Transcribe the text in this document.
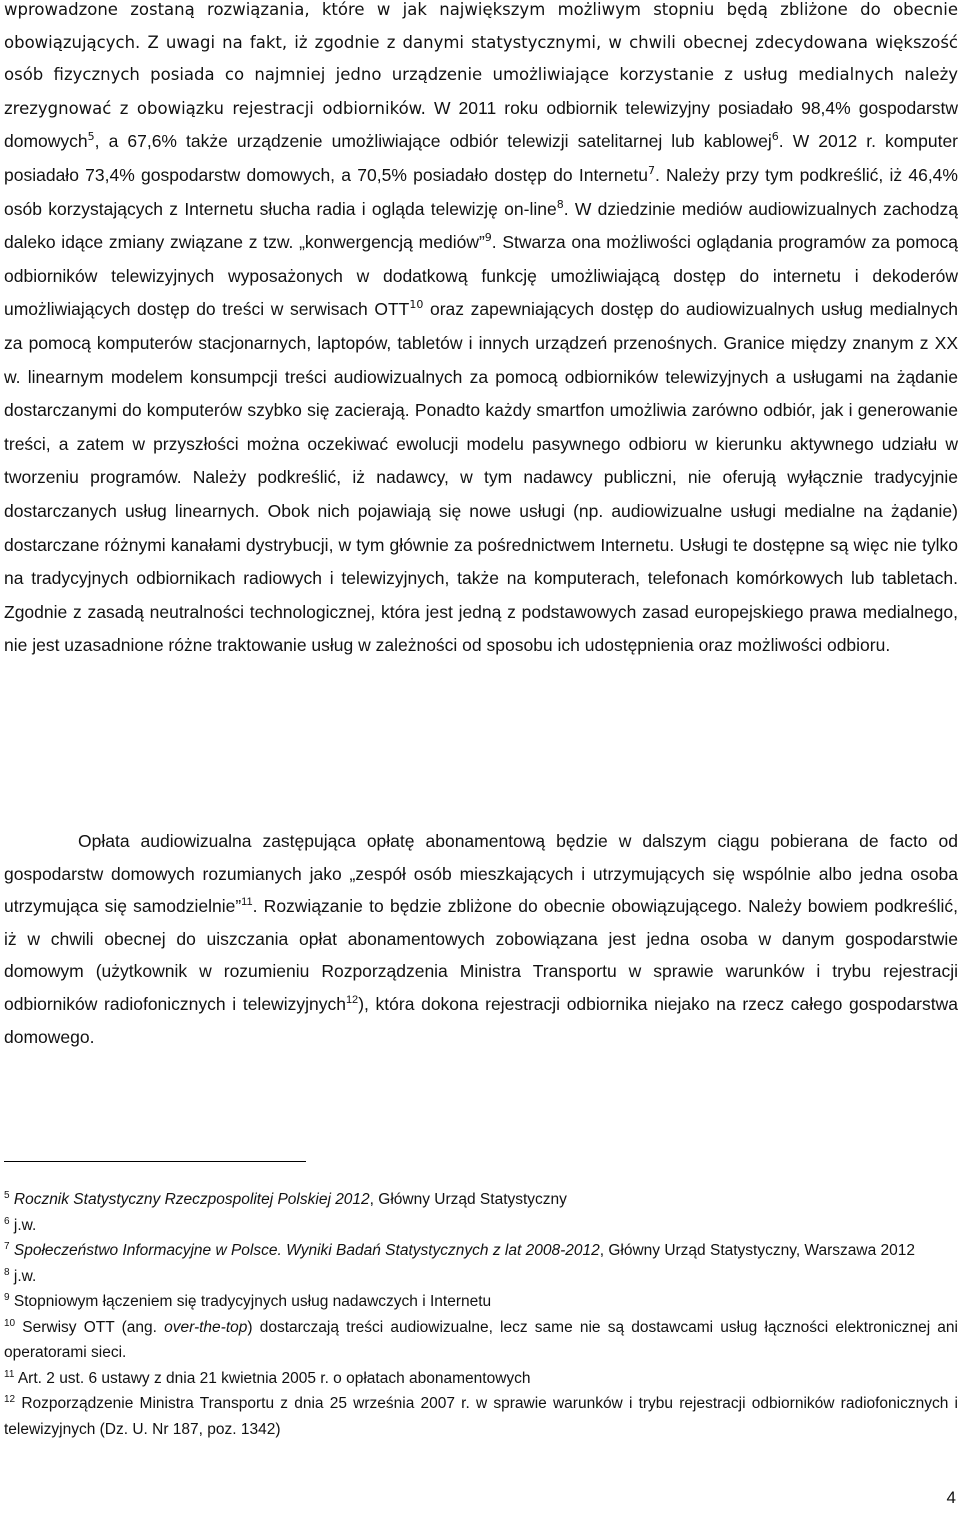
wprowadzone zostaną rozwiązania, które w jak największym możliwym stopniu będą zbliżone do obecnie obowiązujących. Z uwagi na fakt, iż zgodnie z danymi statystycznymi, w chwili obecnej zdecydowana większość osób fizycznych posiada co najmniej jedno urządzenie umożliwiające korzystanie z usług medialnych należy zrezygnować z obowiązku rejestracji odbiorników. W 2011 roku odbiornik telewizyjny posiadało 98,4% gospodarstw domowych$^5$, a 67,6% także urządzenie umożliwiające odbiór telewizji satelitarnej lub kablowej$^6$. W 2012 r. komputer posiadało 73,4% gospodarstw domowych, a 70,5% posiadało dostęp do Internetu$^7$. Należy przy tym podkreślić, iż 46,4% osób korzystających z Internetu słucha radia i ogląda telewizję on-line$^8$. W dziedzinie mediów audiowizualnych zachodzą daleko idące zmiany związane z tzw. „konwergencją mediów”$^9$. Stwarza ona możliwości oglądania programów za pomocą odbiorników telewizyjnych wyposażonych w dodatkową funkcję umożliwiającą dostęp do internetu i dekoderów umożliwiających dostęp do treści w serwisach OTT$^{10}$ oraz zapewniających dostęp do audiowizualnych usług medialnych za pomocą komputerów stacjonarnych, laptopów, tabletów i innych urządzeń przenośnych. Granice między znanym z XX w. linearnym modelem konsumpcji treści audiowizualnych za pomocą odbiorników telewizyjnych a usługami na żądanie dostarczanymi do komputerów szybko się zacierają. Ponadto każdy smartfon umożliwia zarówno odbiór, jak i generowanie treści, a zatem w przyszłości można oczekiwać ewolucji modelu pasywnego odbioru w kierunku aktywnego udziału w tworzeniu programów. Należy podkreślić, iż nadawcy, w tym nadawcy publiczni, nie oferują wyłącznie tradycyjnie dostarczanych usług linearnych. Obok nich pojawiają się nowe usługi (np. audiowizualne usługi medialne na żądanie) dostarczane różnymi kanałami dystrybucji, w tym głównie za pośrednictwem Internetu. Usługi te dostępne są więc nie tylko na tradycyjnych odbiornikach radiowych i telewizyjnych, także na komputerach, telefonach komórkowych lub tabletach. Zgodnie z zasadą neutralności technologicznej, która jest jedną z podstawowych zasad europejskiego prawa medialnego, nie jest uzasadnione różne traktowanie usług w zależności od sposobu ich udostępnienia oraz możliwości odbioru.

Opłata audiowizualna zastępująca opłatę abonamentową będzie w dalszym ciągu pobierana de facto od gospodarstw domowych rozumianych jako „zespół osób mieszkających i utrzymujących się wspólnie albo jedna osoba utrzymująca się samodzielnie”$^{11}$. Rozwiązanie to będzie zbliżone do obecnie obowiązującego. Należy bowiem podkreślić, iż w chwili obecnej do uiszczania opłat abonamentowych zobowiązana jest jedna osoba w danym gospodarstwie domowym (użytkownik w rozumieniu Rozporządzenia Ministra Transportu w sprawie warunków i trybu rejestracji odbiorników radiofonicznych i telewizyjnych$^{12}$), która dokona rejestracji odbiornika niejako na rzecz całego gospodarstwa domowego.

$^5$ Rocznik Statystyczny Rzeczpospolitej Polskiej 2012, Główny Urząd Statystyczny

$^6$ j.w.

$^7$ Społeczeństwo Informacyjne w Polsce. Wyniki Badań Statystycznych z lat 2008-2012, Główny Urząd Statystyczny, Warszawa 2012

$^8$ j.w.

$^9$ Stopniowym łączeniem się tradycyjnych usług nadawczych i Internetu

$^{10}$ Serwisy OTT (ang. over-the-top) dostarczają treści audiowizualne, lecz same nie są dostawcami usług łączności elektronicznej ani operatorami sieci.

$^{11}$ Art. 2 ust. 6 ustawy z dnia 21 kwietnia 2005 r. o opłatach abonamentowych

$^{12}$ Rozporządzenie Ministra Transportu z dnia 25 września 2007 r. w sprawie warunków i trybu rejestracji odbiorników radiofonicznych i telewizyjnych (Dz. U. Nr 187, poz. 1342)

4
